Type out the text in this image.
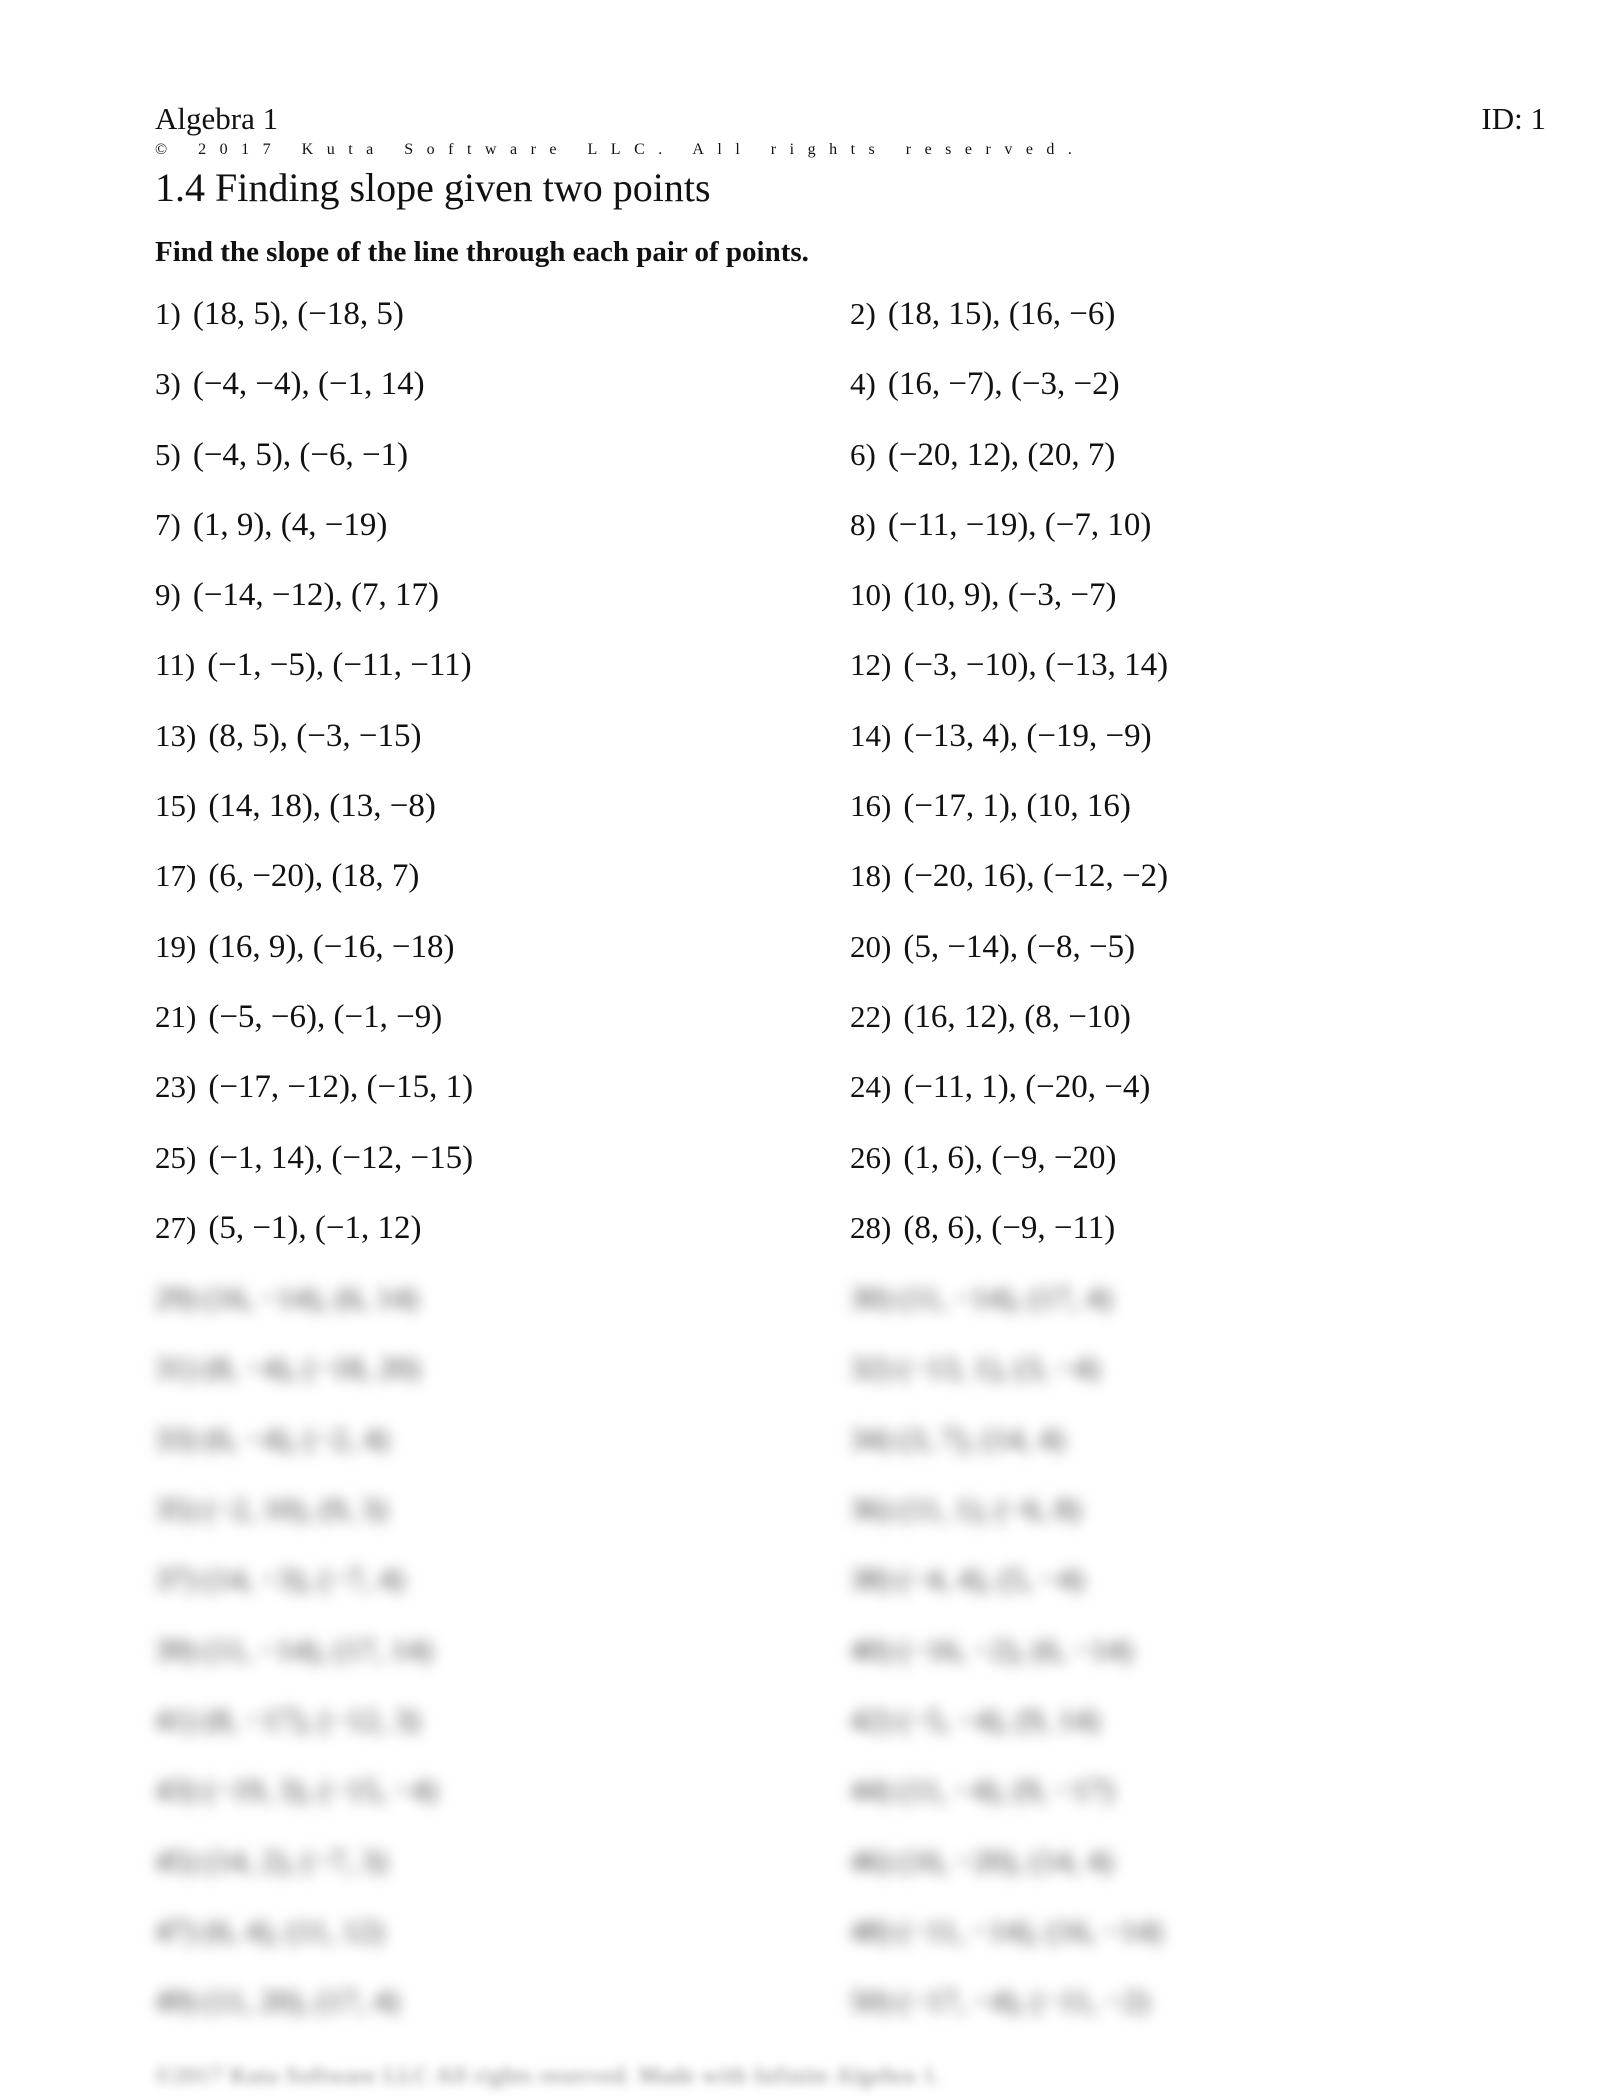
Algebra 1	ID: 1
© 2017 Kuta Software LLC. All rights reserved.
1.4 Finding slope given two points
Find the slope of the line through each pair of points.
1) (18, 5), (−18, 5)	2) (18, 15), (16, −6)
3) (−4, −4), (−1, 14)	4) (16, −7), (−3, −2)
5) (−4, 5), (−6, −1)	6) (−20, 12), (20, 7)
7) (1, 9), (4, −19)	8) (−11, −19), (−7, 10)
9) (−14, −12), (7, 17)	10) (10, 9), (−3, −7)
11) (−1, −5), (−11, −11)	12) (−3, −10), (−13, 14)
13) (8, 5), (−3, −15)	14) (−13, 4), (−19, −9)
15) (14, 18), (13, −8)	16) (−17, 1), (10, 16)
17) (6, −20), (18, 7)	18) (−20, 16), (−12, −2)
19) (16, 9), (−16, −18)	20) (5, −14), (−8, −5)
21) (−5, −6), (−1, −9)	22) (16, 12), (8, −10)
23) (−17, −12), (−15, 1)	24) (−11, 1), (−20, −4)
25) (−1, 14), (−12, −15)	26) (1, 6), (−9, −20)
27) (5, −1), (−1, 12)	28) (8, 6), (−9, −11)
29) (16, −14), (6, 14)	30) (11, −14), (17, 4)
31) (8, −4), (−18, 20)	32) (−13, 1), (3, −4)
33) (6, −4), (−2, 4)	34) (3, 7), (14, 4)
35) (−2, 10), (9, 3)	36) (11, 1), (−6, 8)
37) (14, −3), (−7, 4)	38) (−4, 4), (5, −4)
39) (11, −14), (17, 14)	40) (−16, −2), (6, −14)
41) (8, −17), (−12, 3)	42) (−5, −4), (9, 14)
43) (−19, 3), (−15, −4)	44) (11, −4), (9, −17)
45) (14, 2), (−7, 3)	46) (16, −20), (14, 4)
47) (6, 4), (11, 12)	48) (−11, −14), (16, −14)
49) (11, 20), (17, 4)	50) (−17, −4), (−11, −2)
©2017 Kuta Software LLC All rights reserved. Made with Infinite Algebra 1.
